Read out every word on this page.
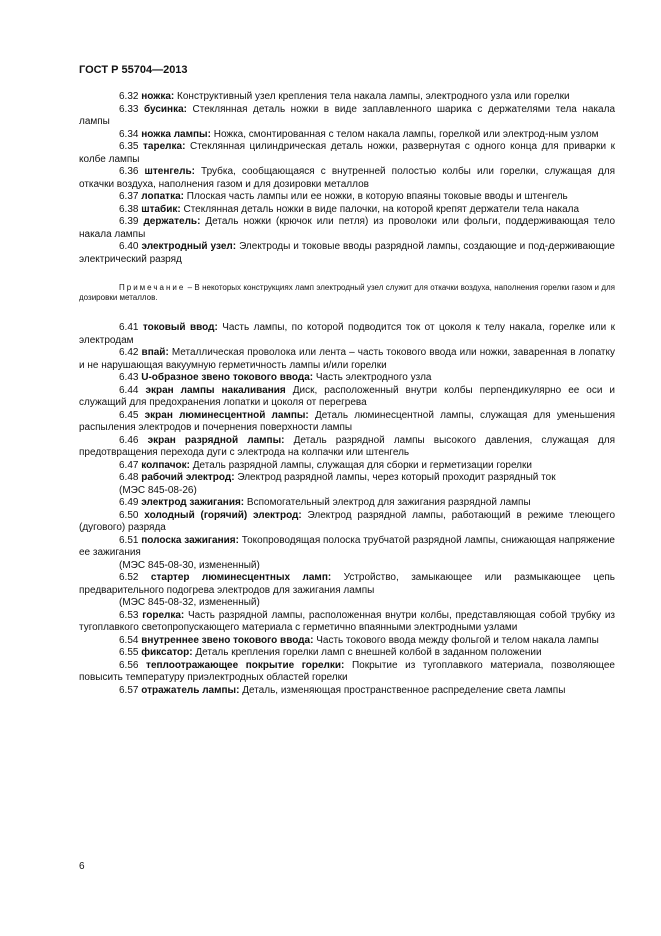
ГОСТ Р 55704—2013

6.32 ножка: Конструктивный узел крепления тела накала лампы, электродного узла или горелки

6.33 бусинка: Стеклянная деталь ножки в виде заплавленного шарика с держателями тела накала лампы

6.34 ножка лампы: Ножка, смонтированная с телом накала лампы, горелкой или электрод-ным узлом

6.35 тарелка: Стеклянная цилиндрическая деталь ножки, развернутая с одного конца для приварки к колбе лампы

6.36 штенгель: Трубка, сообщающаяся с внутренней полостью колбы или горелки, служащая для откачки воздуха, наполнения газом и для дозировки металлов

6.37 лопатка: Плоская часть лампы или ее ножки, в которую впаяны токовые вводы и штенгель

6.38 штабик: Стеклянная деталь ножки в виде палочки, на которой крепят держатели тела накала

6.39 держатель: Деталь ножки (крючок или петля) из проволоки или фольги, поддерживающая тело накала лампы

6.40 электродный узел: Электроды и токовые вводы разрядной лампы, создающие и под-держивающие электрический разряд

Примечание – В некоторых конструкциях ламп электродный узел служит для откачки воздуха, наполнения горелки газом и для дозировки металлов.

6.41 токовый ввод: Часть лампы, по которой подводится ток от цоколя к телу накала, горелке или к электродам

6.42 впай: Металлическая проволока или лента – часть токового ввода или ножки, заваренная в лопатку и не нарушающая вакуумную герметичность лампы и/или горелки

6.43 U-образное звено токового ввода: Часть электродного узла

6.44 экран лампы накаливания Диск, расположенный внутри колбы перпендикулярно ее оси и служащий для предохранения лопатки и цоколя от перегрева

6.45 экран люминесцентной лампы: Деталь люминесцентной лампы, служащая для уменьшения распыления электродов и почернения поверхности лампы

6.46 экран разрядной лампы: Деталь разрядной лампы высокого давления, служащая для предотвращения перехода дуги с электрода на колпачки или штенгель

6.47 колпачок: Деталь разрядной лампы, служащая для сборки и герметизации горелки

6.48 рабочий электрод: Электрод разрядной лампы, через который проходит разрядный ток

(МЭС 845-08-26)

6.49 электрод зажигания: Вспомогательный электрод для зажигания разрядной лампы

6.50 холодный (горячий) электрод: Электрод разрядной лампы, работающий в режиме тлеющего (дугового) разряда

6.51 полоска зажигания: Токопроводящая полоска трубчатой разрядной лампы, снижающая напряжение ее зажигания

(МЭС 845-08-30, измененный)

6.52 стартер люминесцентных ламп: Устройство, замыкающее или размыкающее цепь предварительного подогрева электродов для зажигания лампы

(МЭС 845-08-32, измененный)

6.53 горелка: Часть разрядной лампы, расположенная внутри колбы, представляющая собой трубку из тугоплавкого светопропускающего материала с герметично впаянными электродными узлами

6.54 внутреннее звено токового ввода: Часть токового ввода между фольгой и телом накала лампы

6.55 фиксатор: Деталь крепления горелки ламп с внешней колбой в заданном положении

6.56 теплоотражающее покрытие горелки: Покрытие из тугоплавкого материала, позволяющее повысить температуру приэлектродных областей горелки

6.57 отражатель лампы: Деталь, изменяющая пространственное распределение света лампы

6
